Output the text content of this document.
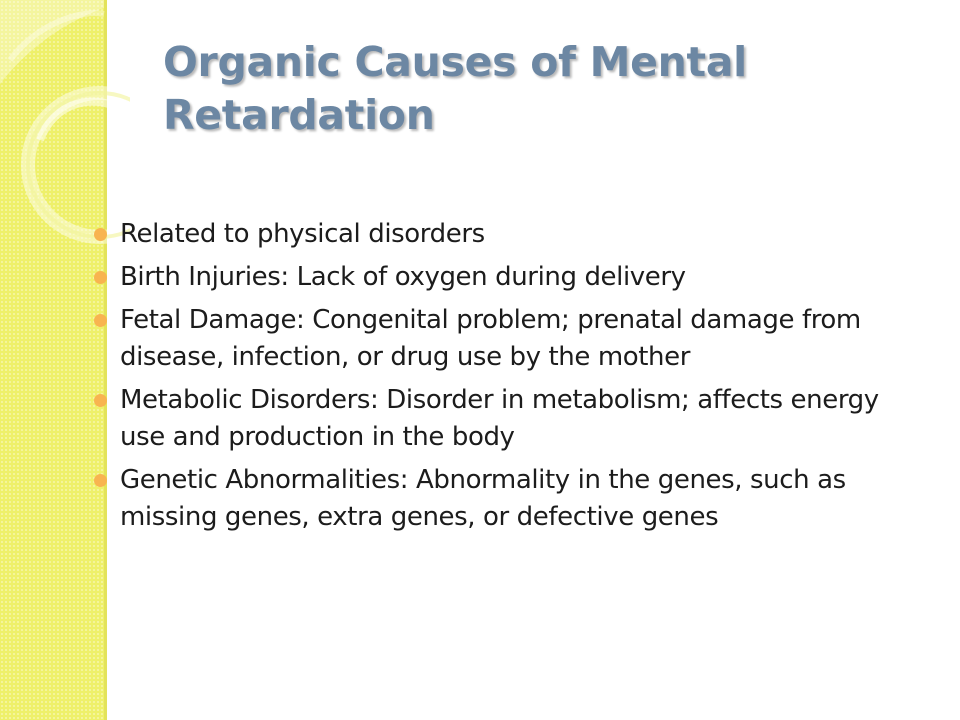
Organic Causes of Mental Retardation
Related to physical disorders
Birth Injuries: Lack of oxygen during delivery
Fetal Damage: Congenital problem; prenatal damage from disease, infection, or drug use by the mother
Metabolic Disorders: Disorder in metabolism; affects energy use and production in the body
Genetic Abnormalities: Abnormality in the genes, such as missing genes, extra genes, or defective genes
